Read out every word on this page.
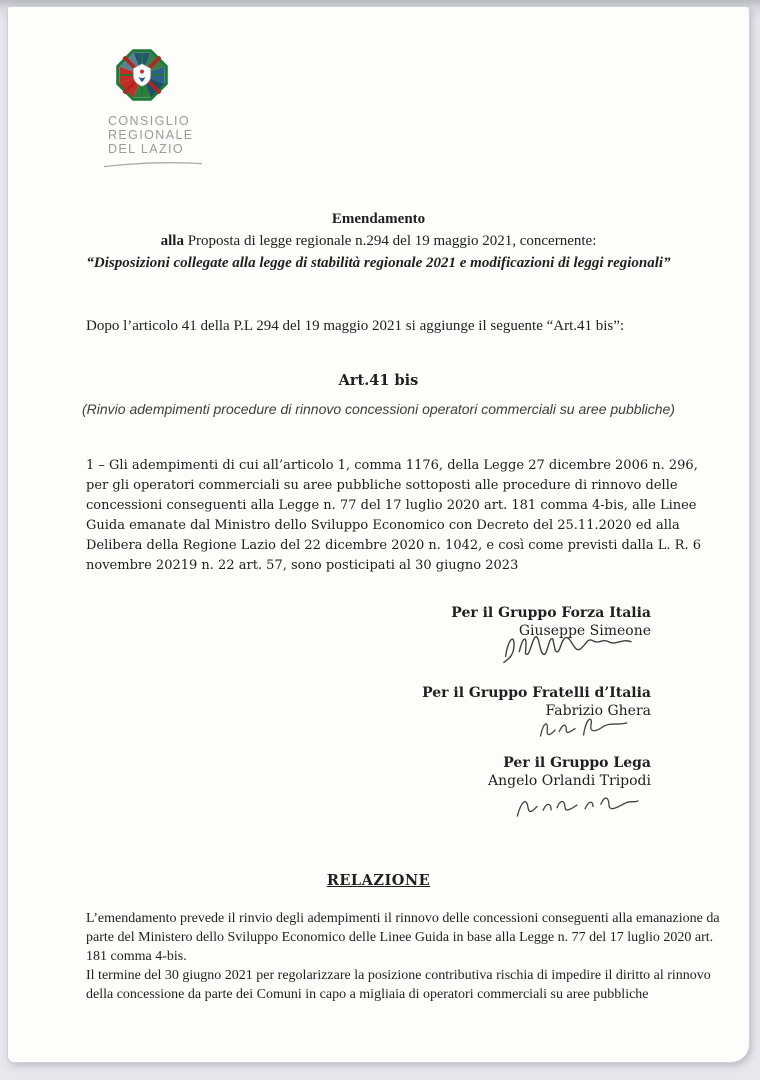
CONSIGLIO
REGIONALE
DEL LAZIO
Emendamento
alla Proposta di legge regionale n.294 del 19 maggio 2021, concernente:
“Disposizioni collegate alla legge di stabilità regionale 2021 e modificazioni di leggi regionali”
Dopo l’articolo 41 della P.L 294 del 19 maggio 2021 si aggiunge il seguente “Art.41 bis”:
Art.41 bis
(Rinvio adempimenti procedure di rinnovo concessioni operatori commerciali su aree pubbliche)
1 – Gli adempimenti di cui all’articolo 1, comma 1176, della Legge 27 dicembre 2006 n. 296, per gli operatori commerciali su aree pubbliche sottoposti alle procedure di rinnovo delle concessioni conseguenti alla Legge n. 77 del 17 luglio 2020 art. 181 comma 4-bis, alle Linee Guida emanate dal Ministro dello Sviluppo Economico con Decreto del 25.11.2020 ed alla Delibera della Regione Lazio del 22 dicembre 2020 n. 1042, e così come previsti dalla L. R. 6 novembre 20219 n. 22 art. 57, sono posticipati al 30 giugno 2023
Per il Gruppo Forza Italia
Giuseppe Simeone
Per il Gruppo Fratelli d’Italia
Fabrizio Ghera
Per il Gruppo Lega
Angelo Orlandi Tripodi
RELAZIONE

L’emendamento prevede il rinvio degli adempimenti il rinnovo delle concessioni conseguenti alla emanazione da parte del Ministero dello Sviluppo Economico delle Linee Guida in base alla Legge n. 77 del 17 luglio 2020 art. 181 comma 4-bis.

Il termine del 30 giugno 2021 per regolarizzare la posizione contributiva rischia di impedire il diritto al rinnovo della concessione da parte dei Comuni in capo a migliaia di operatori commerciali su aree pubbliche
